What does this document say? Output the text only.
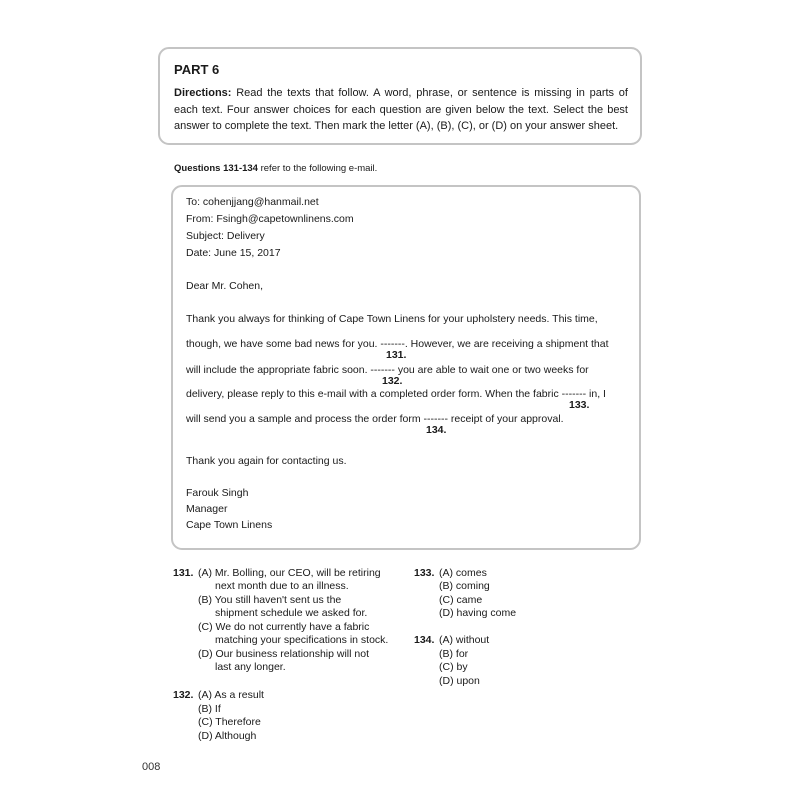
PART 6

Directions: Read the texts that follow. A word, phrase, or sentence is missing in parts of each text. Four answer choices for each question are given below the text. Select the best answer to complete the text. Then mark the letter (A), (B), (C), or (D) on your answer sheet.

Questions 131-134 refer to the following e-mail.
To: cohenjjang@hanmail.net
From: Fsingh@capetownlinens.com
Subject: Delivery
Date: June 15, 2017
Dear Mr. Cohen,
Thank you always for thinking of Cape Town Linens for your upholstery needs. This time,
though, we have some bad news for you. -------. However, we are receiving a shipment that
131.
will include the appropriate fabric soon. ------- you are able to wait one or two weeks for
132.
delivery, please reply to this e-mail with a completed order form. When the fabric ------- in, I
133.
will send you a sample and process the order form ------- receipt of your approval.
134.
Thank you again for contacting us.
Farouk Singh
Manager
Cape Town Linens
131. (A) Mr. Bolling, our CEO, will be retiring
next month due to an illness.
(B) You still haven't sent us the
shipment schedule we asked for.
(C) We do not currently have a fabric
matching your specifications in stock.
(D) Our business relationship will not
last any longer.
132. (A) As a result
(B) If
(C) Therefore
(D) Although
133. (A) comes
(B) coming
(C) came
(D) having come
134. (A) without
(B) for
(C) by
(D) upon
008
